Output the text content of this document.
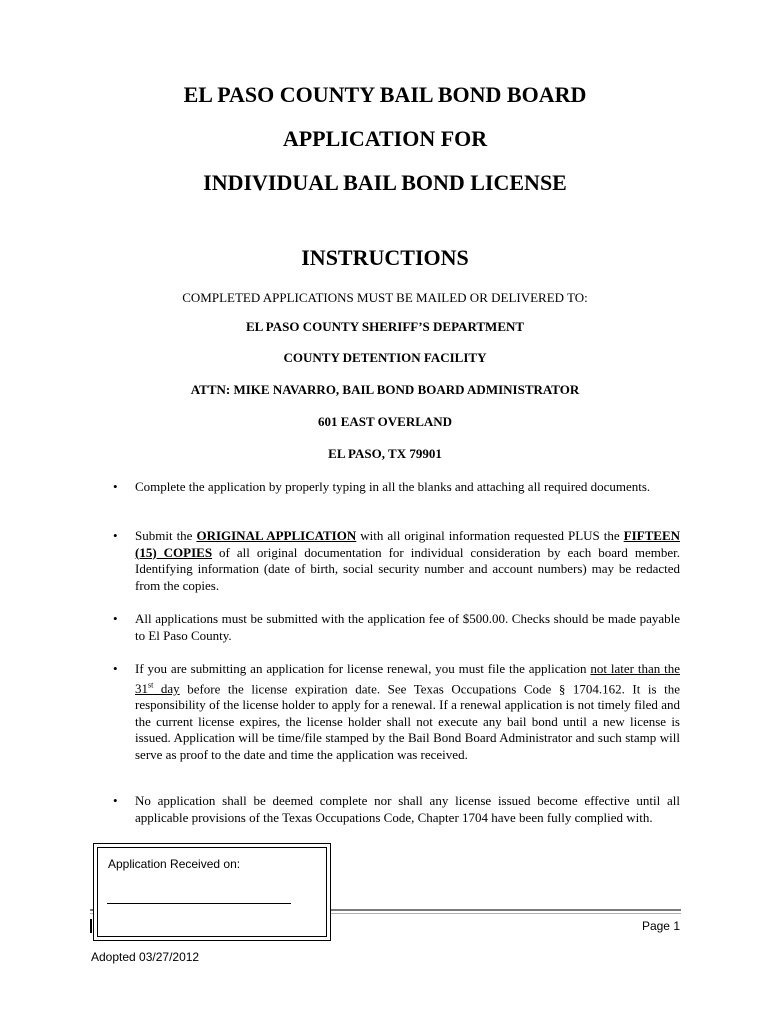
EL PASO COUNTY BAIL BOND BOARD
APPLICATION FOR
INDIVIDUAL BAIL BOND LICENSE
INSTRUCTIONS
COMPLETED APPLICATIONS MUST BE MAILED OR DELIVERED TO:
EL PASO COUNTY SHERIFF’S DEPARTMENT
COUNTY DETENTION FACILITY
ATTN: MIKE NAVARRO, BAIL BOND BOARD ADMINISTRATOR
601 EAST OVERLAND
EL PASO, TX 79901
• Complete the application by properly typing in all the blanks and attaching all required documents.
• Submit the ORIGINAL APPLICATION with all original information requested PLUS the FIFTEEN (15) COPIES of all original documentation for individual consideration by each board member. Identifying information (date of birth, social security number and account numbers) may be redacted from the copies.
• All applications must be submitted with the application fee of $500.00. Checks should be made payable to El Paso County.
• If you are submitting an application for license renewal, you must file the application not later than the 31st day before the license expiration date. See Texas Occupations Code § 1704.162. It is the responsibility of the license holder to apply for a renewal. If a renewal application is not timely filed and the current license expires, the license holder shall not execute any bail bond until a new license is issued. Application will be time/file stamped by the Bail Bond Board Administrator and such stamp will serve as proof to the date and time the application was received.
• No application shall be deemed complete nor shall any license issued become effective until all applicable provisions of the Texas Occupations Code, Chapter 1704 have been fully complied with.
Page 1
Adopted 03/27/2012
Application Received on:
